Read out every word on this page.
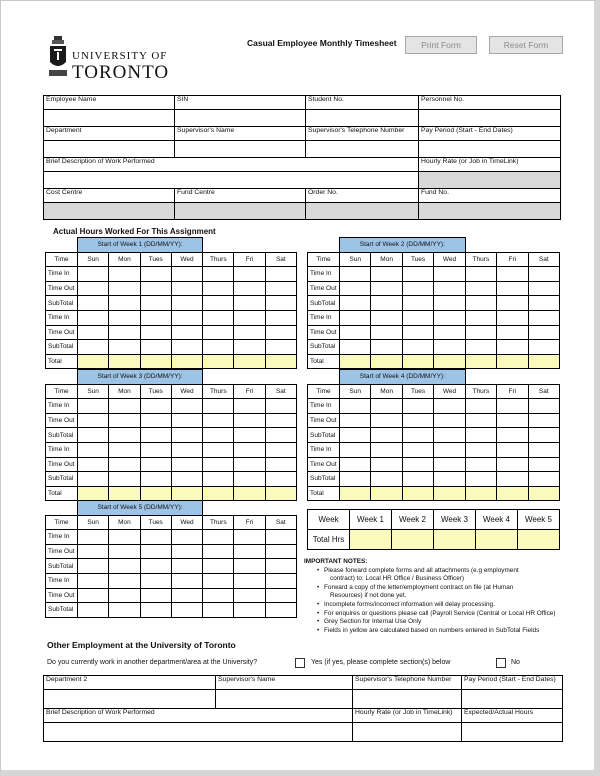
UNIVERSITY OF
TORONTO
Casual Employee Monthly Timesheet	Print Form	Reset Form
Employee Name	SIN	Student No.	Personnel No.

Department	Supervisor's Name	Supervisor's Telephone Number	Pay Period (Start - End Dates)

Brief Description of Work Performed			Hourly Rate (or Job in TimeLink)

Cost Centre	Fund Centre	Order No.	Fund No.

Actual Hours Worked For This Assignment
	Start of Week 1 (DD/MM/YY):						
Time	Sun	Mon	Tues	Wed	Thurs	Fri	Sat
Time In							
Time Out							
SubTotal							
Time In							
Time Out							
SubTotal							
Total							
	Start of Week 2 (DD/MM/YY):						
Time	Sun	Mon	Tues	Wed	Thurs	Fri	Sat
Time In							
Time Out							
SubTotal							
Time In							
Time Out							
SubTotal							
Total							
	Start of Week 3 (DD/MM/YY):						
Time	Sun	Mon	Tues	Wed	Thurs	Fri	Sat
Time In							
Time Out							
SubTotal							
Time In							
Time Out							
SubTotal							
Total							
	Start of Week 4 (DD/MM/YY):						
Time	Sun	Mon	Tues	Wed	Thurs	Fri	Sat
Time In							
Time Out							
SubTotal							
Time In							
Time Out							
SubTotal							
Total							
	Start of Week 5 (DD/MM/YY):						
Time	Sun	Mon	Tues	Wed	Thurs	Fri	Sat
Time In							
Time Out							
SubTotal							
Time In							
Time Out							
SubTotal							
Week	Week 1	Week 2	Week 3	Week 4	Week 5
Total Hrs					
IMPORTANT NOTES:
• Please forward complete forms and all attachments (e.g employment
contract) to: Local HR Office / Business Officer)
• Forward a copy of the letter/employment contract on file (at Human
Resources) if not done yet.
• Incomplete forms/incorrect information will delay processing.
• For enquires or questions please call (Payroll Service (Central or Local HR Office)
• Grey Section for Internal Use Only
• Fields in yellow are calculated based on numbers entered in SubTotal Fields
Other Employment at the University of Toronto
Do you currently work in another department/area at the University?	Yes (if yes, please complete section(s) below	No
Department 2	Supervisor's Name	Supervisor's Telephone Number	Pay Period (Start - End Dates)

Brief Description of Work Performed		Hourly Rate (or Job in TimeLink)	Expected/Actual Hours
